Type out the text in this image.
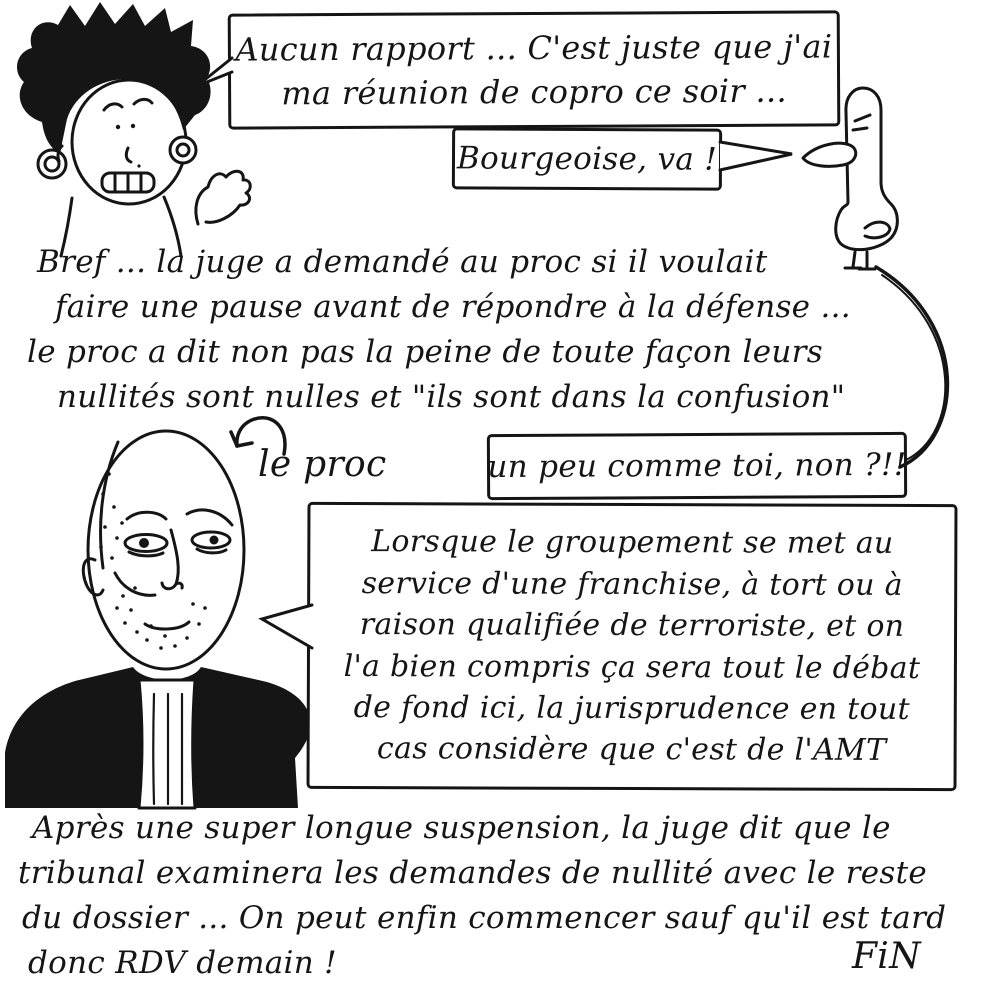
Aucun rapport ... C'est juste que j'ai
ma réunion de copro ce soir ...
Bourgeoise, va !
Bref ... la juge a demandé au proc si il voulait
faire une pause avant de répondre à la défense ...
le proc a dit non pas la peine de toute façon leurs
nullités sont nulles et "ils sont dans la confusion"
le proc	un peu comme toi, non ?!!
Lorsque le groupement se met au
service d'une franchise, à tort ou à
raison qualifiée de terroriste, et on
l'a bien compris ça sera tout le débat
de fond ici, la jurisprudence en tout
cas considère que c'est de l'AMT
Après une super longue suspension, la juge dit que le
tribunal examinera les demandes de nullité avec le reste
du dossier ... On peut enfin commencer sauf qu'il est tard
donc RDV demain !	FiN
